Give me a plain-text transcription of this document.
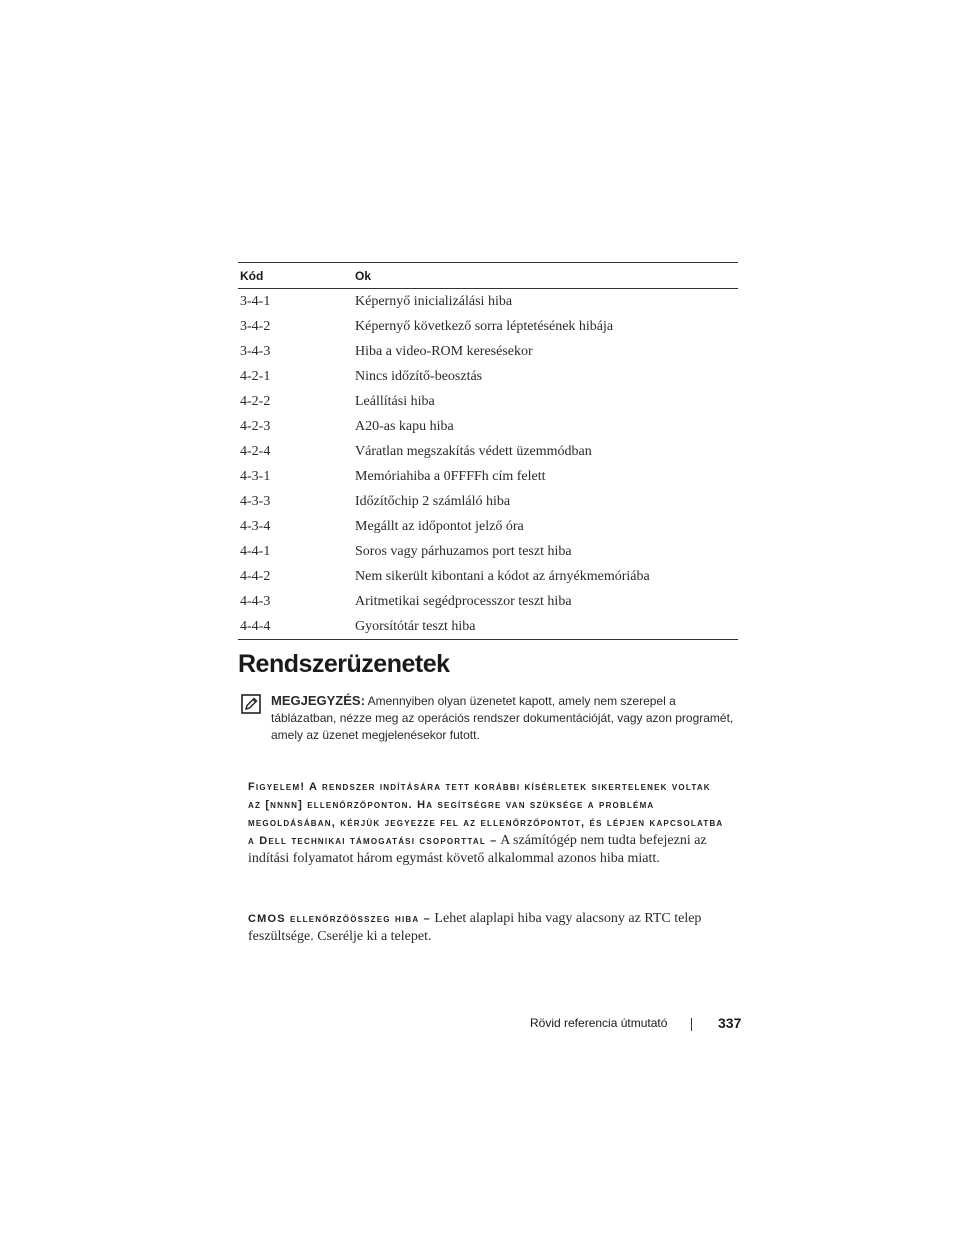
Kód	Ok
3-4-1	Képernyő inicializálási hiba
3-4-2	Képernyő következő sorra léptetésének hibája
3-4-3	Hiba a video-ROM keresésekor
4-2-1	Nincs időzítő-beosztás
4-2-2	Leállítási hiba
4-2-3	A20-as kapu hiba
4-2-4	Váratlan megszakítás védett üzemmódban
4-3-1	Memóriahiba a 0FFFFh cím felett
4-3-3	Időzítőchip 2 számláló hiba
4-3-4	Megállt az időpontot jelző óra
4-4-1	Soros vagy párhuzamos port teszt hiba
4-4-2	Nem sikerült kibontani a kódot az árnyékmemóriába
4-4-3	Aritmetikai segédprocesszor teszt hiba
4-4-4	Gyorsítótár teszt hiba
Rendszerüzenetek
MEGJEGYZÉS: Amennyiben olyan üzenetet kapott, amely nem szerepel a táblázatban, nézze meg az operációs rendszer dokumentációját, vagy azon programét, amely az üzenet megjelenésekor futott.
Figyelem! A rendszer indítására tett korábbi kísérletek sikertelenek voltak az [nnnn] ellenőrzőponton. Ha segítségre van szüksége a probléma megoldásában, kérjük jegyezze fel az ellenőrzőpontot, és lépjen kapcsolatba a Dell technikai támogatási csoporttal – A számítógép nem tudta befejezni az indítási folyamatot három egymást követő alkalommal azonos hiba miatt.
CMOS ellenőrzőösszeg hiba – Lehet alaplapi hiba vagy alacsony az RTC telep feszültsége. Cserélje ki a telepet.
Rövid referencia útmutató	337
